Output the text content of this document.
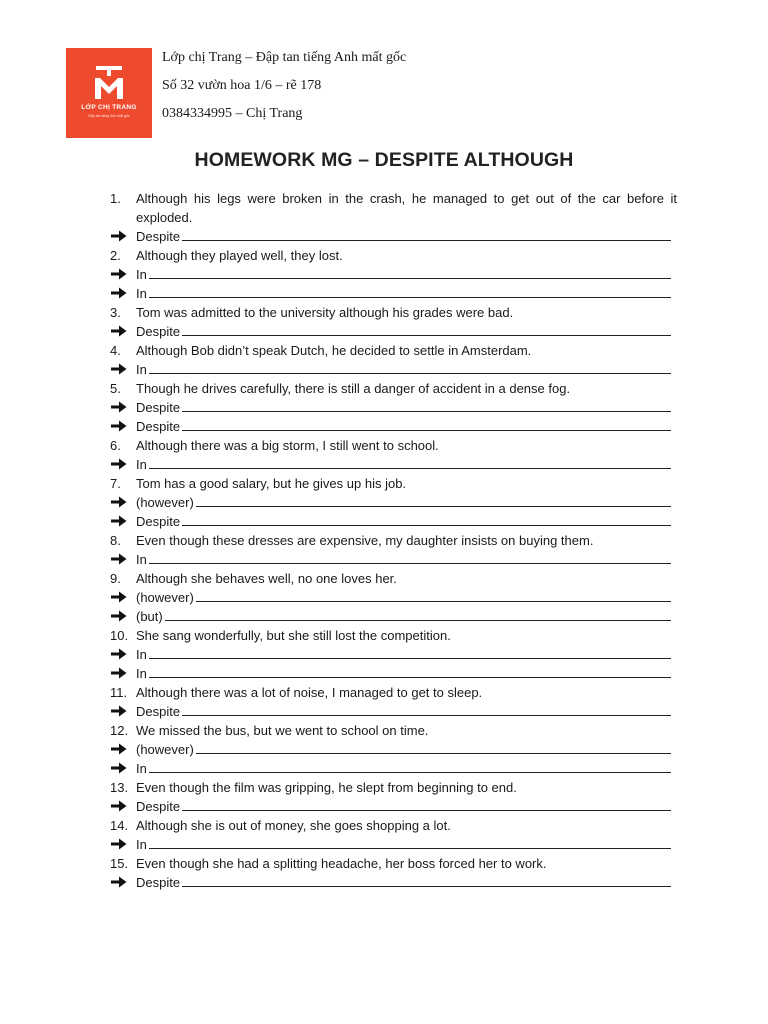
LỚP CHỊ TRANG
Đập tan tiếng Anh mất gốc
Lớp chị Trang – Đập tan tiếng Anh mất gốc
Số 32 vườn hoa 1/6 – rẽ 178
0384334995 – Chị Trang
HOMEWORK MG – DESPITE ALTHOUGH
1. Although his legs were broken in the crash, he managed to get out of the car before it exploded.
Despite
2. Although they played well, they lost.
In
In
3. Tom was admitted to the university although his grades were bad.
Despite
4. Although Bob didn’t speak Dutch, he decided to settle in Amsterdam.
In
5. Though he drives carefully, there is still a danger of accident in a dense fog.
Despite
Despite
6. Although there was a big storm, I still went to school.
In
7. Tom has a good salary, but he gives up his job.
(however)
Despite
8. Even though these dresses are expensive, my daughter insists on buying them.
In
9. Although she behaves well, no one loves her.
(however)
(but)
10. She sang wonderfully, but she still lost the competition.
In
In
11. Although there was a lot of noise, I managed to get to sleep.
Despite
12. We missed the bus, but we went to school on time.
(however)
In
13. Even though the film was gripping, he slept from beginning to end.
Despite
14. Although she is out of money, she goes shopping a lot.
In
15. Even though she had a splitting headache, her boss forced her to work.
Despite
